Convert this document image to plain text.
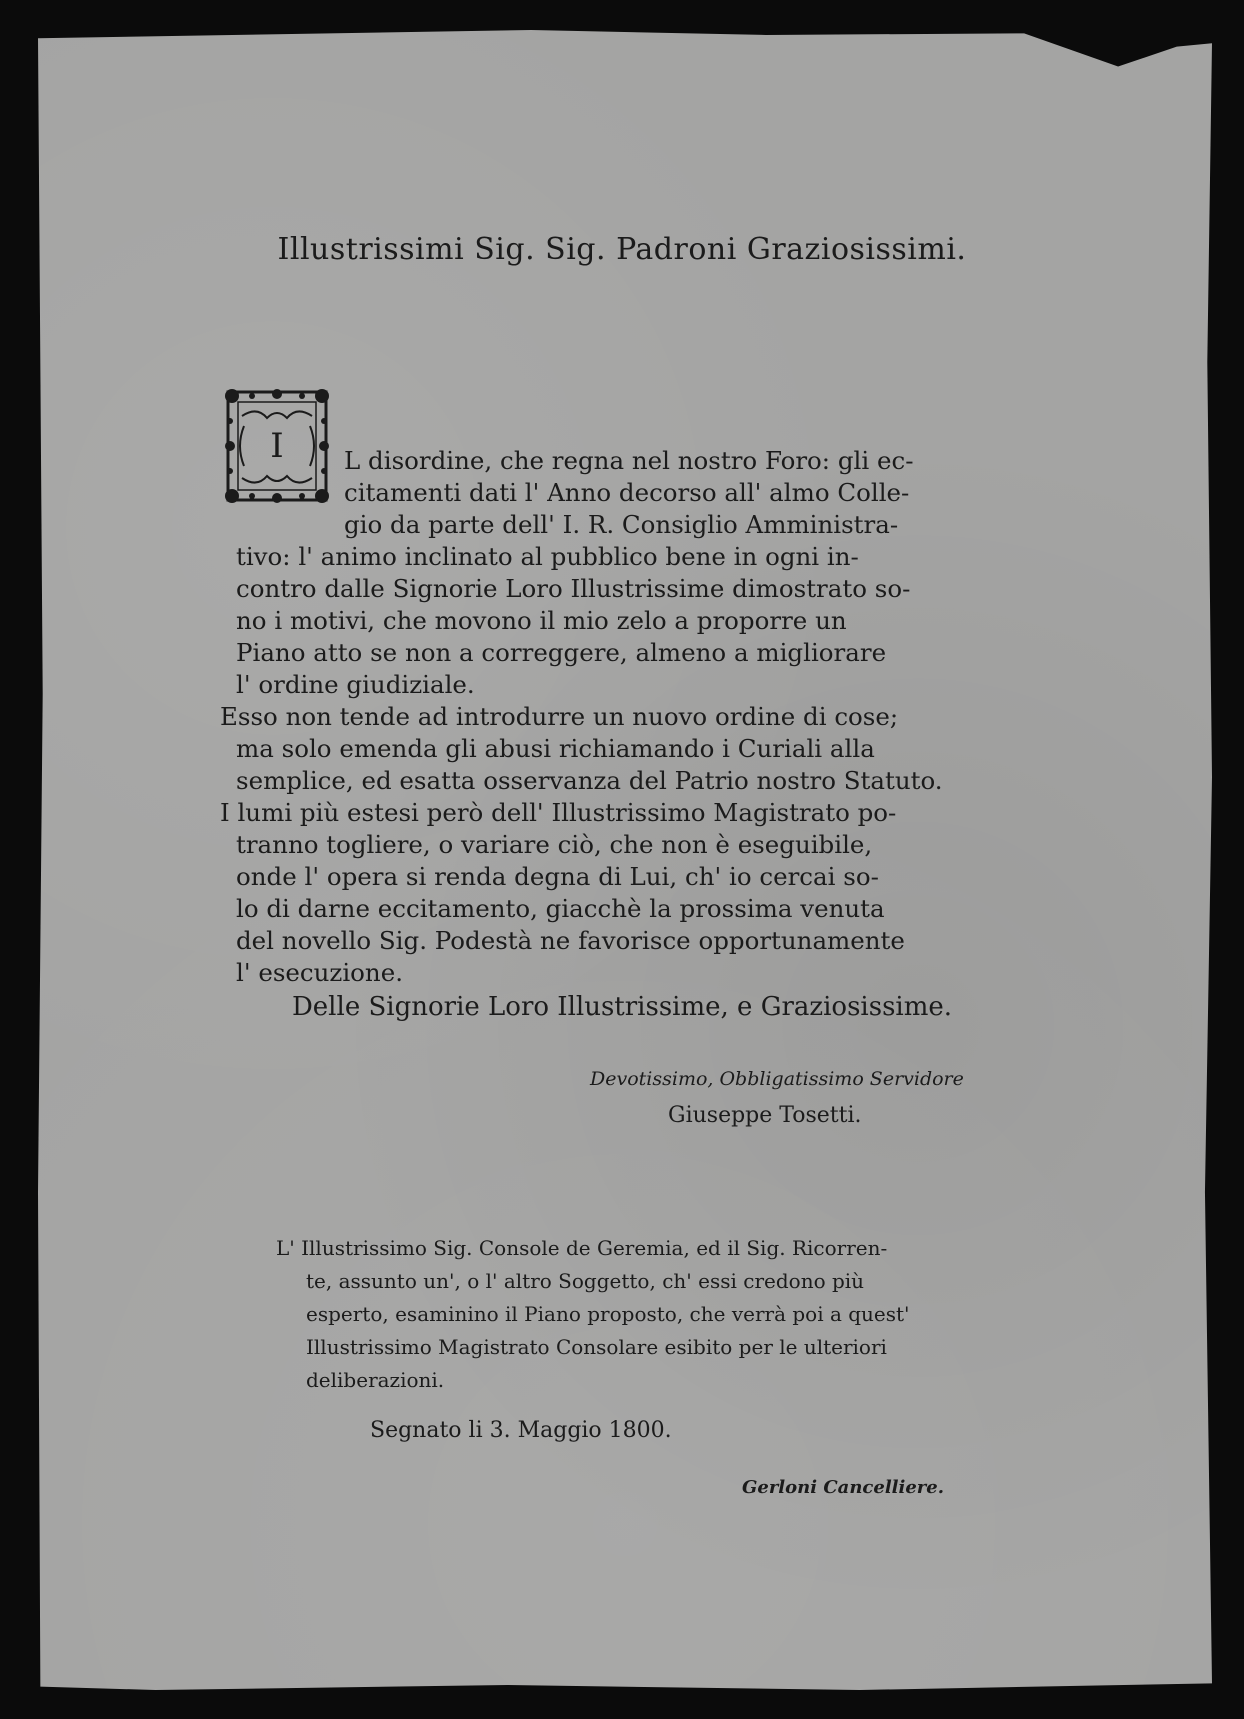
Illustrissimi Sig. Sig. Padroni Graziosissimi.
I	L disordine, che regna nel nostro Foro: gli ec-
citamenti dati l' Anno decorso all' almo Colle-
gio da parte dell' I. R. Consiglio Amministra-
tivo: l' animo inclinato al pubblico bene in ogni in-
contro dalle Signorie Loro Illustrissime dimostrato so-
no i motivi, che movono il mio zelo a proporre un
Piano atto se non a correggere, almeno a migliorare
l' ordine giudiziale.
Esso non tende ad introdurre un nuovo ordine di cose;
ma solo emenda gli abusi richiamando i Curiali alla
semplice, ed esatta osservanza del Patrio nostro Statuto.
I lumi più estesi però dell' Illustrissimo Magistrato po-
tranno togliere, o variare ciò, che non è eseguibile,
onde l' opera si renda degna di Lui, ch' io cercai so-
lo di darne eccitamento, giacchè la prossima venuta
del novello Sig. Podestà ne favorisce opportunamente
l' esecuzione.
Delle Signorie Loro Illustrissime, e Graziosissime.
Devotissimo, Obbligatissimo Servidore
Giuseppe Tosetti.
L' Illustrissimo Sig. Console de Geremia, ed il Sig. Ricorren-
te, assunto un', o l' altro Soggetto, ch' essi credono più
esperto, esaminino il Piano proposto, che verrà poi a quest'
Illustrissimo Magistrato Consolare esibito per le ulteriori
deliberazioni.
Segnato li 3. Maggio 1800.
Gerloni Cancelliere.
